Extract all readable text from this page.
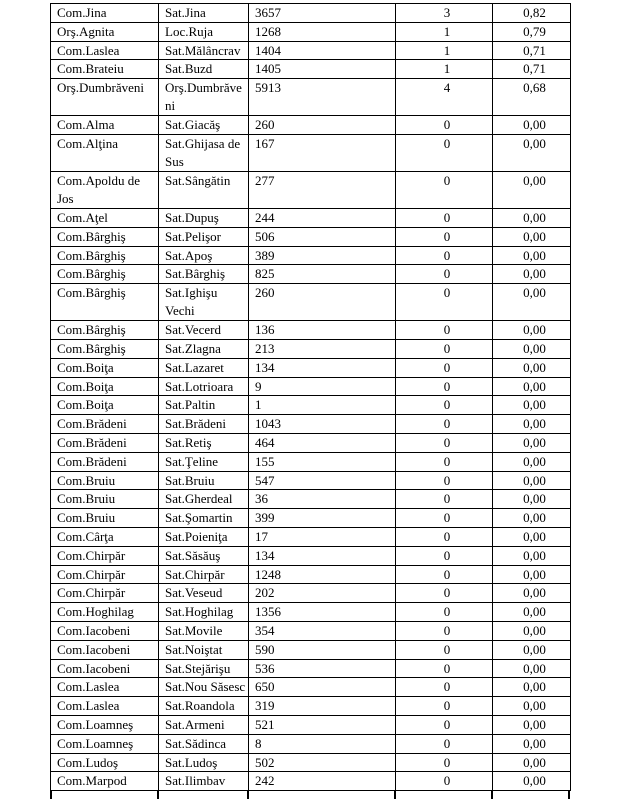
Com.Jina	Sat.Jina	3657	3	0,82
Orş.Agnita	Loc.Ruja	1268	1	0,79
Com.Laslea	Sat.Mălâncrav	1404	1	0,71
Com.Brateiu	Sat.Buzd	1405	1	0,71
Orş.Dumbrăveni	Orş.Dumbrăve ni	5913	4	0,68
Com.Alma	Sat.Giacăş	260	0	0,00
Com.Alţina	Sat.Ghijasa de Sus	167	0	0,00
Com.Apoldu de Jos	Sat.Sângătin	277	0	0,00
Com.Aţel	Sat.Dupuş	244	0	0,00
Com.Bârghiş	Sat.Pelişor	506	0	0,00
Com.Bârghiş	Sat.Apoş	389	0	0,00
Com.Bârghiş	Sat.Bârghiş	825	0	0,00
Com.Bârghiş	Sat.Ighişu Vechi	260	0	0,00
Com.Bârghiş	Sat.Vecerd	136	0	0,00
Com.Bârghiş	Sat.Zlagna	213	0	0,00
Com.Boiţa	Sat.Lazaret	134	0	0,00
Com.Boiţa	Sat.Lotrioara	9	0	0,00
Com.Boiţa	Sat.Paltin	1	0	0,00
Com.Brădeni	Sat.Brădeni	1043	0	0,00
Com.Brădeni	Sat.Retiş	464	0	0,00
Com.Brădeni	Sat.Ţeline	155	0	0,00
Com.Bruiu	Sat.Bruiu	547	0	0,00
Com.Bruiu	Sat.Gherdeal	36	0	0,00
Com.Bruiu	Sat.Şomartin	399	0	0,00
Com.Cârţa	Sat.Poieniţa	17	0	0,00
Com.Chirpăr	Sat.Săsăuş	134	0	0,00
Com.Chirpăr	Sat.Chirpăr	1248	0	0,00
Com.Chirpăr	Sat.Veseud	202	0	0,00
Com.Hoghilag	Sat.Hoghilag	1356	0	0,00
Com.Iacobeni	Sat.Movile	354	0	0,00
Com.Iacobeni	Sat.Noiştat	590	0	0,00
Com.Iacobeni	Sat.Stejărişu	536	0	0,00
Com.Laslea	Sat.Nou Săsesc	650	0	0,00
Com.Laslea	Sat.Roandola	319	0	0,00
Com.Loamneş	Sat.Armeni	521	0	0,00
Com.Loamneş	Sat.Sădinca	8	0	0,00
Com.Ludoş	Sat.Ludoş	502	0	0,00
Com.Marpod	Sat.Ilimbav	242	0	0,00
